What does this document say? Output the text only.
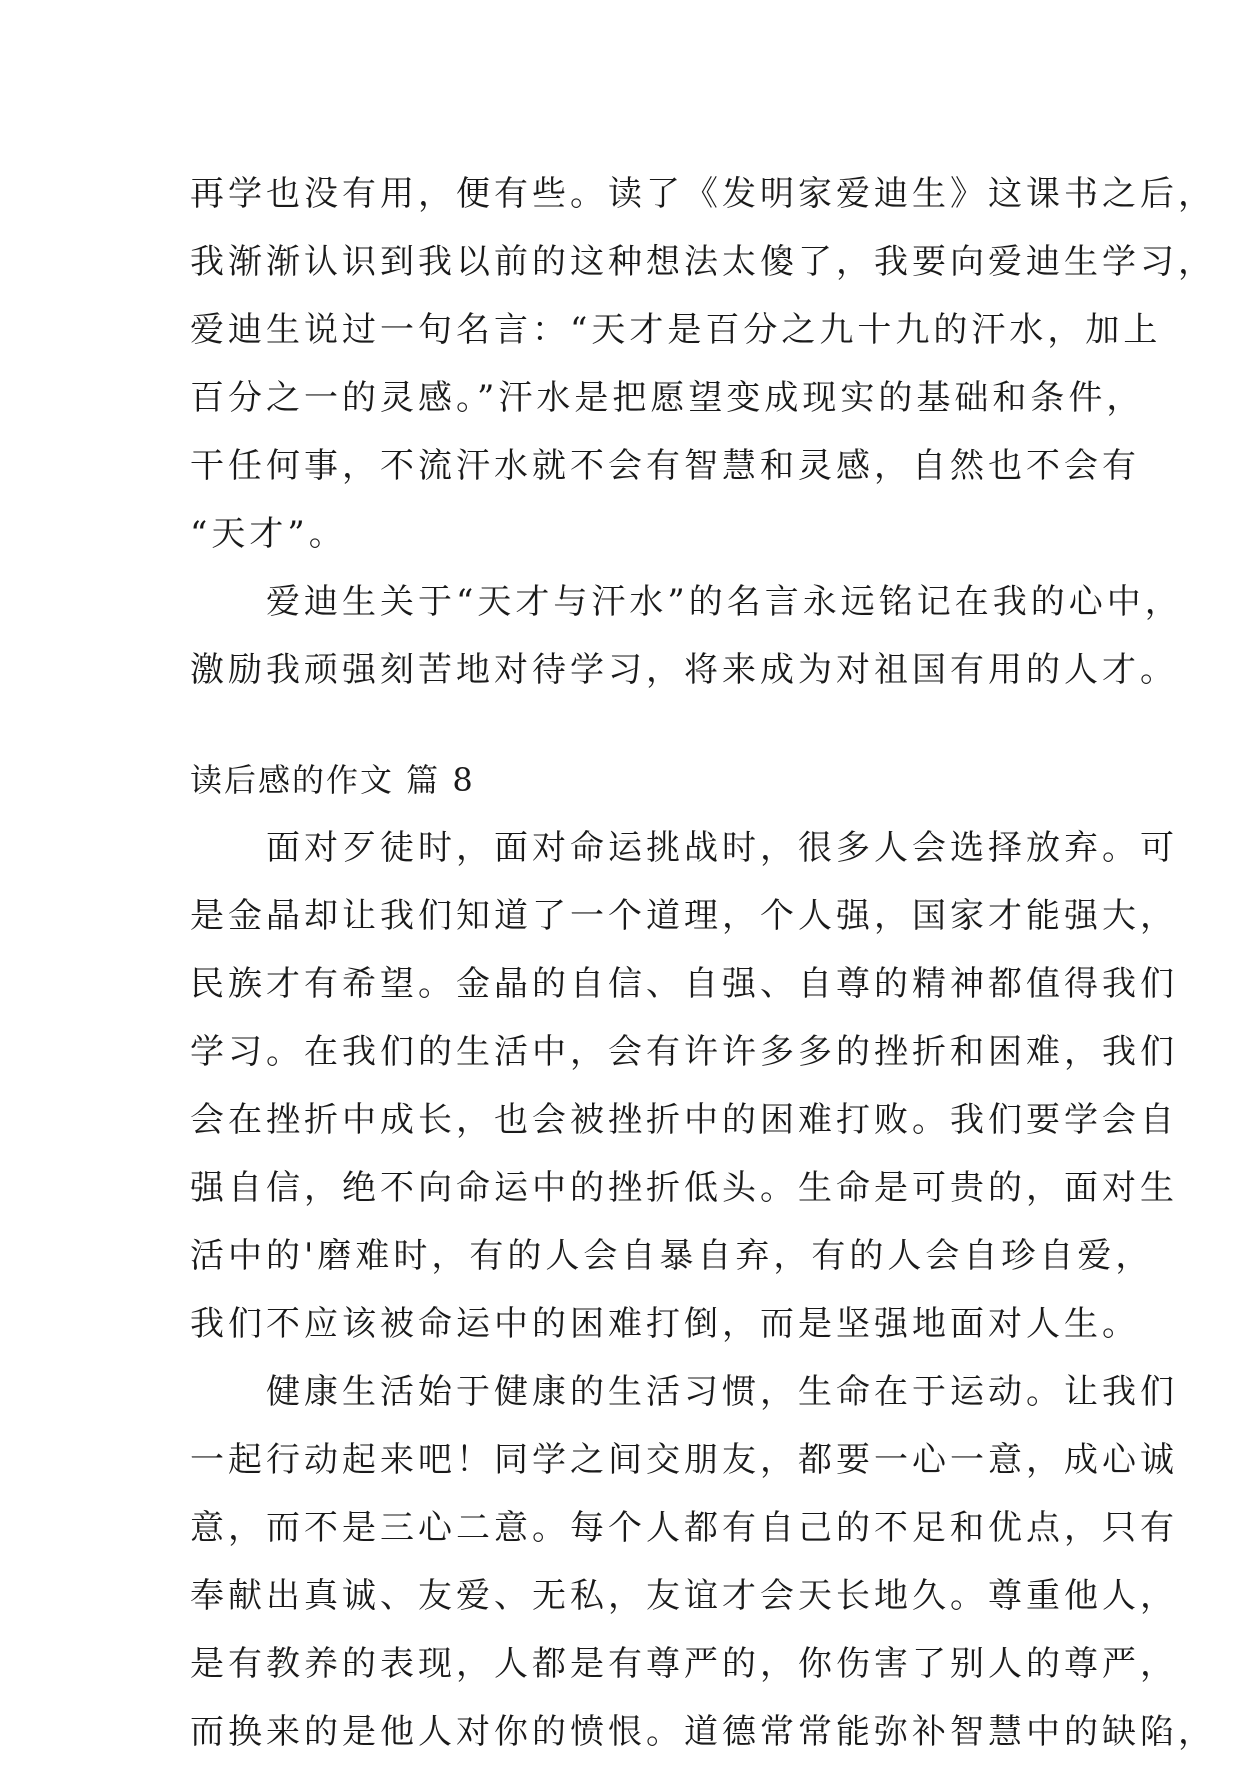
再学也没有用，便有些。读了《发明家爱迪生》这课书之后，
我渐渐认识到我以前的这种想法太傻了，我要向爱迪生学习，
爱迪生说过一句名言：“天才是百分之九十九的汗水，加上
百分之一的灵感。”汗水是把愿望变成现实的基础和条件，
干任何事，不流汗水就不会有智慧和灵感，自然也不会有
“天才”。
　　爱迪生关于“天才与汗水”的名言永远铭记在我的心中，
激励我顽强刻苦地对待学习，将来成为对祖国有用的人才。
读后感的作文 篇 8
　　面对歹徒时，面对命运挑战时，很多人会选择放弃。可
是金晶却让我们知道了一个道理，个人强，国家才能强大，
民族才有希望。金晶的自信、自强、自尊的精神都值得我们
学习。在我们的生活中，会有许许多多的挫折和困难，我们
会在挫折中成长，也会被挫折中的困难打败。我们要学会自
强自信，绝不向命运中的挫折低头。生命是可贵的，面对生
活中的'磨难时，有的人会自暴自弃，有的人会自珍自爱，
我们不应该被命运中的困难打倒，而是坚强地面对人生。
　　健康生活始于健康的生活习惯，生命在于运动。让我们
一起行动起来吧！同学之间交朋友，都要一心一意，成心诚
意，而不是三心二意。每个人都有自己的不足和优点，只有
奉献出真诚、友爱、无私，友谊才会天长地久。尊重他人，
是有教养的表现，人都是有尊严的，你伤害了别人的尊严，
而换来的是他人对你的愤恨。道德常常能弥补智慧中的缺陷，
